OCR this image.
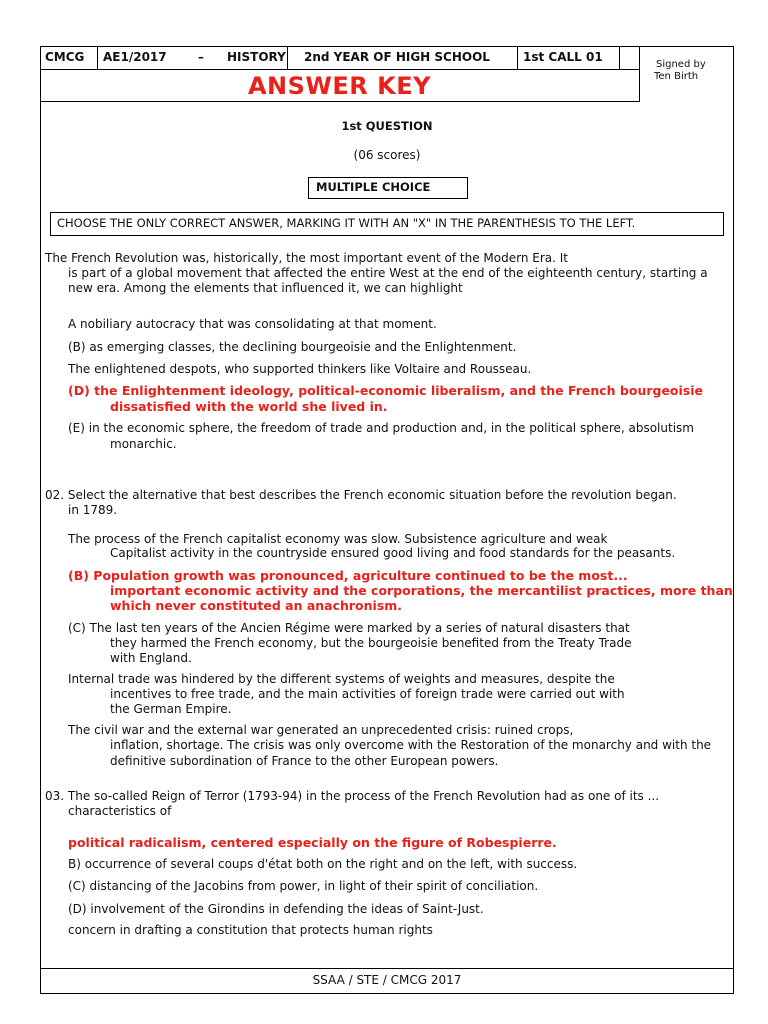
CMCG	AE1/2017	– HISTORY	2nd YEAR OF HIGH SCHOOL	1st CALL 01
ANSWER KEY
Signed by
Ten Birth
1st QUESTION
(06 scores)
MULTIPLE CHOICE
CHOOSE THE ONLY CORRECT ANSWER, MARKING IT WITH AN "X" IN THE PARENTHESIS TO THE LEFT.
The French Revolution was, historically, the most important event of the Modern Era. It
is part of a global movement that affected the entire West at the end of the eighteenth century, starting a
new era. Among the elements that influenced it, we can highlight
A nobiliary autocracy that was consolidating at that moment.
(B) as emerging classes, the declining bourgeoisie and the Enlightenment.
The enlightened despots, who supported thinkers like Voltaire and Rousseau.
(D) the Enlightenment ideology, political-economic liberalism, and the French bourgeoisie
dissatisfied with the world she lived in.
(E) in the economic sphere, the freedom of trade and production and, in the political sphere, absolutism
monarchic.
02. Select the alternative that best describes the French economic situation before the revolution began.
in 1789.
The process of the French capitalist economy was slow. Subsistence agriculture and weak
Capitalist activity in the countryside ensured good living and food standards for the peasants.
(B) Population growth was pronounced, agriculture continued to be the most...
important economic activity and the corporations, the mercantilist practices, more than
which never constituted an anachronism.
(C) The last ten years of the Ancien Régime were marked by a series of natural disasters that
they harmed the French economy, but the bourgeoisie benefited from the Treaty Trade
with England.
Internal trade was hindered by the different systems of weights and measures, despite the
incentives to free trade, and the main activities of foreign trade were carried out with
the German Empire.
The civil war and the external war generated an unprecedented crisis: ruined crops,
inflation, shortage. The crisis was only overcome with the Restoration of the monarchy and with the
definitive subordination of France to the other European powers.
03. The so-called Reign of Terror (1793-94) in the process of the French Revolution had as one of its ...
characteristics of
political radicalism, centered especially on the figure of Robespierre.
B) occurrence of several coups d'état both on the right and on the left, with success.
(C) distancing of the Jacobins from power, in light of their spirit of conciliation.
(D) involvement of the Girondins in defending the ideas of Saint-Just.
concern in drafting a constitution that protects human rights
SSAA / STE / CMCG 2017
